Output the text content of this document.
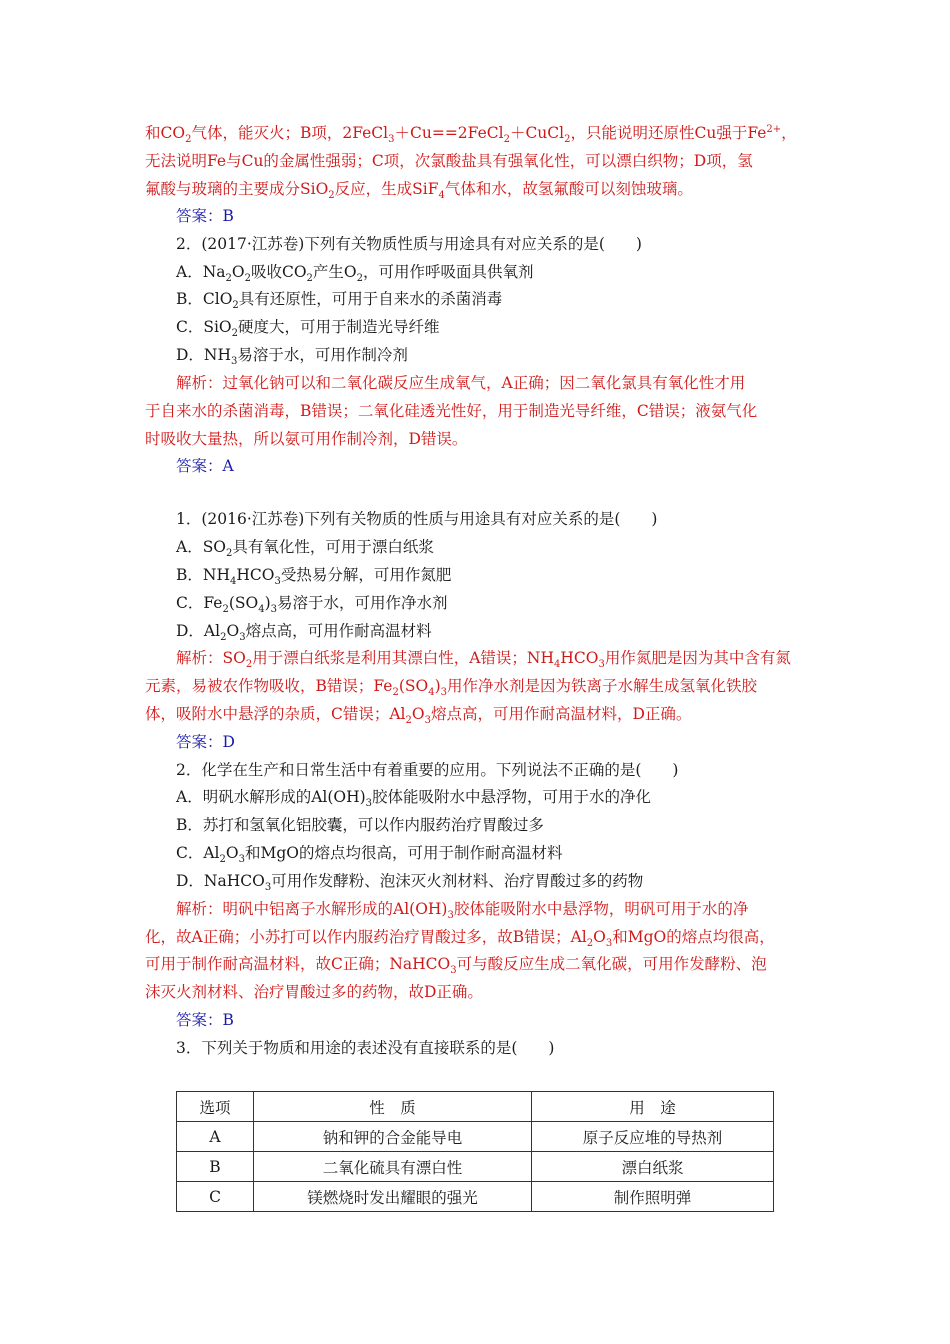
和$CO_2$气体，能灭火；B项，2FeCl$_3$＋Cu==2FeCl$_2$＋CuCl$_2$，只能说明还原性Cu强于$Fe^{2+}$，
无法说明Fe与Cu的金属性强弱；C项，次氯酸盐具有强氧化性，可以漂白织物；D项，氢
氟酸与玻璃的主要成分SiO$_2$反应，生成SiF$_4$气体和水，故氢氟酸可以刻蚀玻璃。
答案：B
2．(2017·江苏卷)下列有关物质性质与用途具有对应关系的是(　　)
A．$Na_2O_2$吸收$CO_2$产生$O_2$，可用作呼吸面具供氧剂
B．ClO$_2$具有还原性，可用于自来水的杀菌消毒
C．SiO$_2$硬度大，可用于制造光导纤维
D．$NH_3$易溶于水，可用作制冷剂
解析：过氧化钠可以和二氧化碳反应生成氧气，A正确；因二氧化氯具有氧化性才用
于自来水的杀菌消毒，B错误；二氧化硅透光性好，用于制造光导纤维，C错误；液氨气化
时吸收大量热，所以氨可用作制冷剂，D错误。
答案：A
1．(2016·江苏卷)下列有关物质的性质与用途具有对应关系的是(　　)
A．$SO_2$具有氧化性，可用于漂白纸浆
B．$NH_4HCO_3$受热易分解，可用作氮肥
C．$Fe_2(SO_4)_3$易溶于水，可用作净水剂
D．$Al_2O_3$熔点高，可用作耐高温材料
解析：$SO_2$用于漂白纸浆是利用其漂白性，A错误；$NH_4HCO_3$用作氮肥是因为其中含有氮
元素，易被农作物吸收，B错误；$Fe_2(SO_4)_3$用作净水剂是因为铁离子水解生成氢氧化铁胶
体，吸附水中悬浮的杂质，C错误；$Al_2O_3$熔点高，可用作耐高温材料，D正确。
答案：D
2．化学在生产和日常生活中有着重要的应用。下列说法不正确的是(　　)
A．明矾水解形成的$Al(OH)_3$胶体能吸附水中悬浮物，可用于水的净化
B．苏打和氢氧化铝胶囊，可以作内服药治疗胃酸过多
C．$Al_2O_3$和MgO的熔点均很高，可用于制作耐高温材料
D．NaHCO$_3$可用作发酵粉、泡沫灭火剂材料、治疗胃酸过多的药物
解析：明矾中铝离子水解形成的$Al(OH)_3$胶体能吸附水中悬浮物，明矾可用于水的净
化，故A正确；小苏打可以作内服药治疗胃酸过多，故B错误；$Al_2O_3$和MgO的熔点均很高，
可用于制作耐高温材料，故C正确；NaHCO$_3$可与酸反应生成二氧化碳，可用作发酵粉、泡
沫灭火剂材料、治疗胃酸过多的药物，故D正确。
答案：B
3．下列关于物质和用途的表述没有直接联系的是(　　)
选项	性　质	用　途
A	钠和钾的合金能导电	原子反应堆的导热剂
B	二氧化硫具有漂白性	漂白纸浆
C	镁燃烧时发出耀眼的强光	制作照明弹
